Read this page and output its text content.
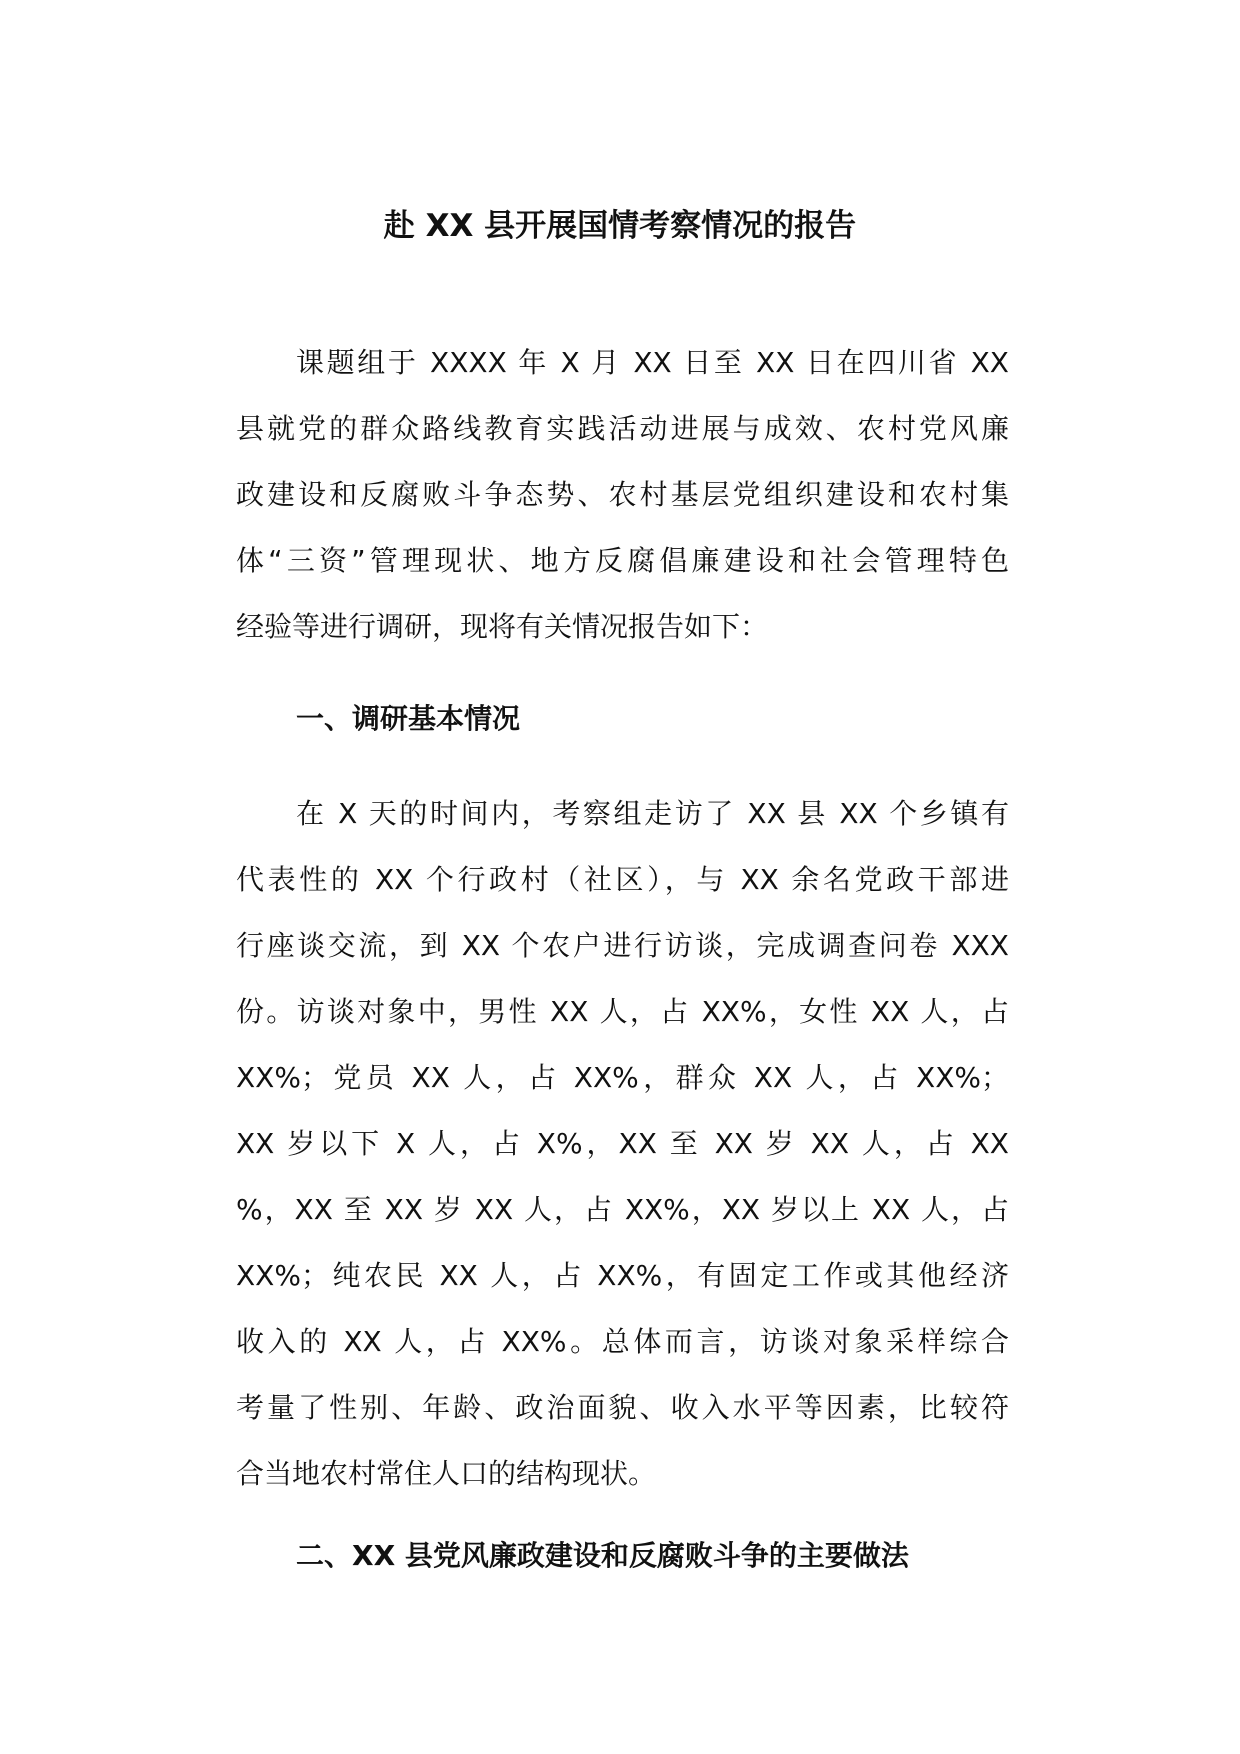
赴 XX 县开展国情考察情况的报告
课题组于 XXXX 年 X 月 XX 日至 XX 日在四川省 XX
县就党的群众路线教育实践活动进展与成效、农村党风廉
政建设和反腐败斗争态势、农村基层党组织建设和农村集
体“三资”管理现状、地方反腐倡廉建设和社会管理特色
经验等进行调研，现将有关情况报告如下：
一、调研基本情况
在 X 天的时间内，考察组走访了 XX 县 XX 个乡镇有
代表性的 XX 个行政村（社区），与 XX 余名党政干部进
行座谈交流，到 XX 个农户进行访谈，完成调查问卷 XXX
份。访谈对象中，男性 XX 人，占 XX%，女性 XX 人，占
XX%；党员 XX 人，占 XX%，群众 XX 人，占 XX%；
XX 岁以下 X 人，占 X%，XX 至 XX 岁 XX 人，占 XX
%，XX 至 XX 岁 XX 人，占 XX%，XX 岁以上 XX 人，占
XX%；纯农民 XX 人，占 XX%，有固定工作或其他经济
收入的 XX 人，占 XX%。总体而言，访谈对象采样综合
考量了性别、年龄、政治面貌、收入水平等因素，比较符
合当地农村常住人口的结构现状。
二、XX 县党风廉政建设和反腐败斗争的主要做法
